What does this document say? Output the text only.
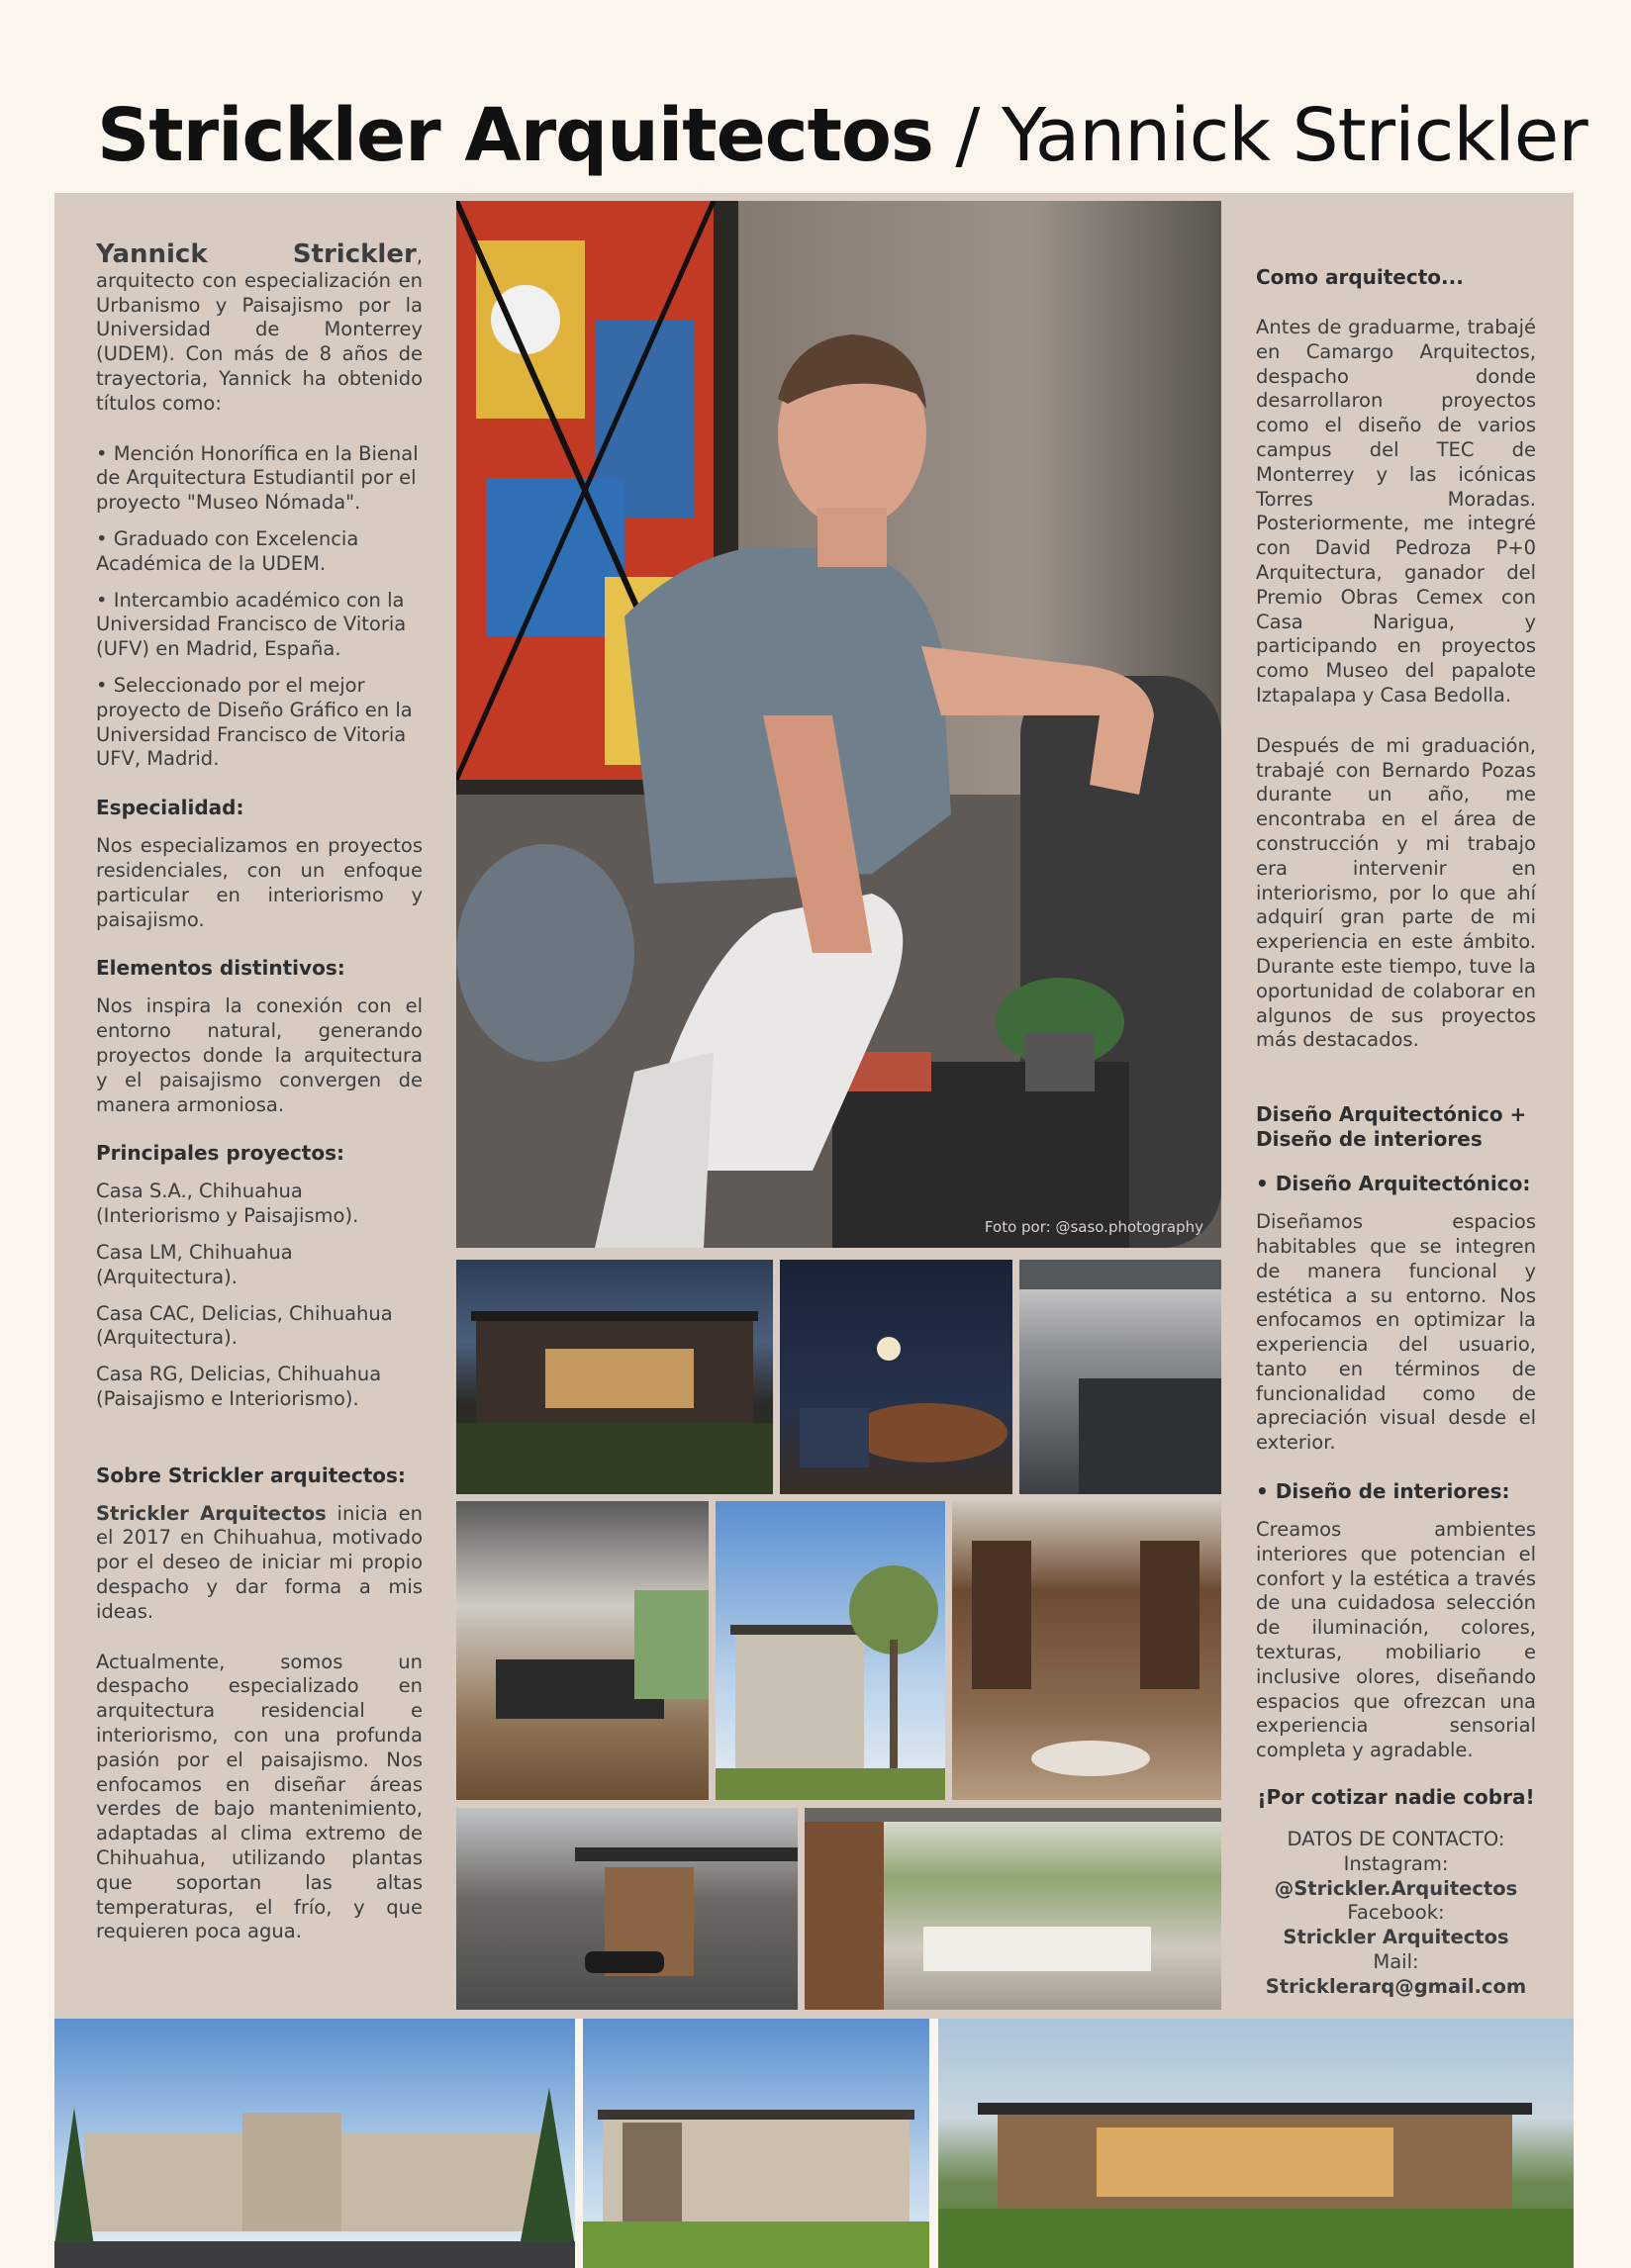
Strickler Arquitectos / Yannick Strickler

Yannick Strickler, arquitecto con especialización en Urbanismo y Paisajismo por la Universidad de Monterrey (UDEM). Con más de 8 años de trayectoria, Yannick ha obtenido títulos como:

• Mención Honorífica en la Bienal de Arquitectura Estudiantil por el proyecto "Museo Nómada".

• Graduado con Excelencia Académica de la UDEM.

• Intercambio académico con la Universidad Francisco de Vitoria (UFV) en Madrid, España.

• Seleccionado por el mejor proyecto de Diseño Gráfico en la Universidad Francisco de Vitoria UFV, Madrid.

Especialidad:

Nos especializamos en proyectos residenciales, con un enfoque particular en interiorismo y paisajismo.

Elementos distintivos:

Nos inspira la conexión con el entorno natural, generando proyectos donde la arquitectura y el paisajismo convergen de manera armoniosa.

Principales proyectos:

Casa S.A., Chihuahua (Interiorismo y Paisajismo).

Casa LM, Chihuahua (Arquitectura).

Casa CAC, Delicias, Chihuahua (Arquitectura).

Casa RG, Delicias, Chihuahua (Paisajismo e Interiorismo).

Sobre Strickler arquitectos:

Strickler Arquitectos inicia en el 2017 en Chihuahua, motivado por el deseo de iniciar mi propio despacho y dar forma a mis ideas.

Actualmente, somos un despacho especializado en arquitectura residencial e interiorismo, con una profunda pasión por el paisajismo. Nos enfocamos en diseñar áreas verdes de bajo mantenimiento, adaptadas al clima extremo de Chihuahua, utilizando plantas que soportan las altas temperaturas, el frío, y que requieren poca agua.

Como arquitecto...

Antes de graduarme, trabajé en Camargo Arquitectos, despacho donde desarrollaron proyectos como el diseño de varios campus del TEC de Monterrey y las icónicas Torres Moradas. Posteriormente, me integré con David Pedroza P+0 Arquitectura, ganador del Premio Obras Cemex con Casa Narigua, y participando en proyectos como Museo del papalote Iztapalapa y Casa Bedolla.

Después de mi graduación, trabajé con Bernardo Pozas durante un año, me encontraba en el área de construcción y mi trabajo era intervenir en interiorismo, por lo que ahí adquirí gran parte de mi experiencia en este ámbito. Durante este tiempo, tuve la oportunidad de colaborar en algunos de sus proyectos más destacados.

Diseño Arquitectónico + Diseño de interiores
• Diseño Arquitectónico:

Diseñamos espacios habitables que se integren de manera funcional y estética a su entorno. Nos enfocamos en optimizar la experiencia del usuario, tanto en términos de funcionalidad como de apreciación visual desde el exterior.

• Diseño de interiores:

Creamos ambientes interiores que potencian el confort y la estética a través de una cuidadosa selección de iluminación, colores, texturas, mobiliario e inclusive olores, diseñando espacios que ofrezcan una experiencia sensorial completa y agradable.

¡Por cotizar nadie cobra!
DATOS DE CONTACTO:
Instagram:
@Strickler.Arquitectos
Facebook:
Strickler Arquitectos
Mail:
Stricklerarq@gmail.com
Foto por: @saso.photography
